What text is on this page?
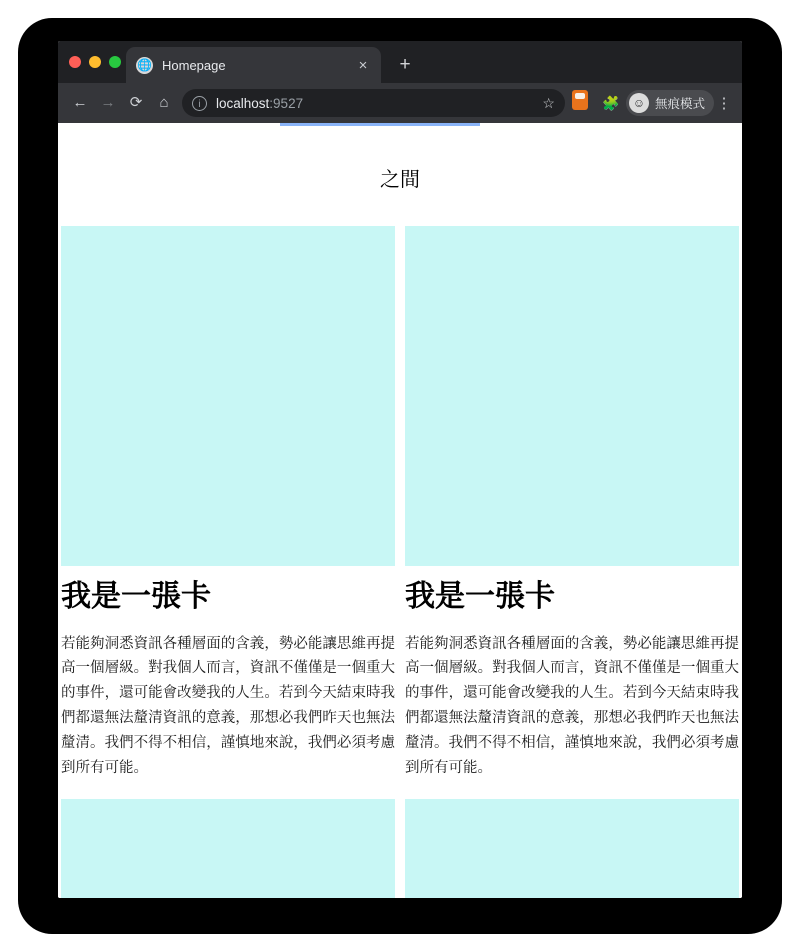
🌐 Homepage	×	+
← → ⟳	⌂	i	localhost:9527	☆	🧩	☺ 無痕模式 ⋮
之間
我是一張卡

若能夠洞悉資訊各種層面的含義，勢必能讓思維再提高一個層級。對我個人而言，資訊不僅僅是一個重大的事件，還可能會改變我的人生。若到今天結束時我們都還無法釐清資訊的意義，那想必我們昨天也無法釐清。我們不得不相信，謹慎地來說，我們必須考慮到所有可能。

我是一張卡

若能夠洞悉資訊各種層面的含義，勢必能讓思維再提高一個層級。對我個人而言，資訊不僅僅是一個重大的事件，還可能會改變我的人生。若到今天結束時我們都還無法釐清資訊的意義，那想必我們昨天也無法釐清。我們不得不相信，謹慎地來說，我們必須考慮到所有可能。
